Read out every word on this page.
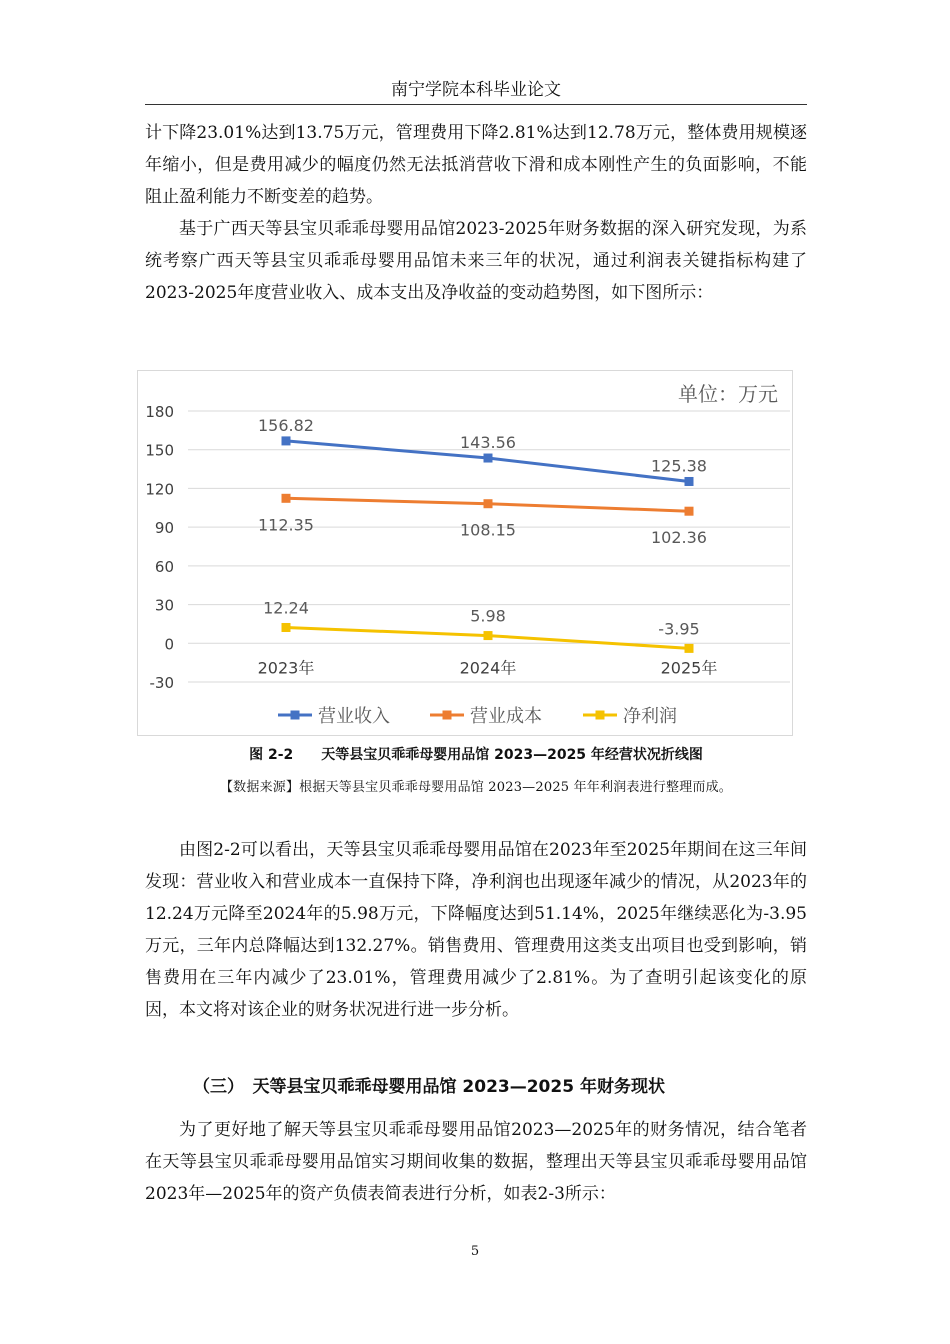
南宁学院本科毕业论文

计下降23.01%达到13.75万元，管理费用下降2.81%达到12.78万元，整体费用规模逐年缩小，但是费用减少的幅度仍然无法抵消营收下滑和成本刚性产生的负面影响，不能阻止盈利能力不断变差的趋势。

基于广西天等县宝贝乖乖母婴用品馆2023-2025年财务数据的深入研究发现，为系统考察广西天等县宝贝乖乖母婴用品馆未来三年的状况，通过利润表关键指标构建了2023-2025年度营业收入、成本支出及净收益的变动趋势图，如下图所示：

180
150
120
90
60
30
0
-30
2023年	2024年	2025年
单位：万元
156.82
143.56
125.38
112.35	108.15	102.36
12.24	5.98
-3.95
营业收入	营业成本	净利润
图 2-2　　天等县宝贝乖乖母婴用品馆 2023—2025 年经营状况折线图
【数据来源】根据天等县宝贝乖乖母婴用品馆 2023—2025 年年利润表进行整理而成。

由图2-2可以看出，天等县宝贝乖乖母婴用品馆在2023年至2025年期间在这三年间发现：营业收入和营业成本一直保持下降，净利润也出现逐年减少的情况，从2023年的12.24万元降至2024年的5.98万元，下降幅度达到51.14%，2025年继续恶化为-3.95万元，三年内总降幅达到132.27%。销售费用、管理费用这类支出项目也受到影响，销售费用在三年内减少了23.01%，管理费用减少了2.81%。为了查明引起该变化的原因，本文将对该企业的财务状况进行进一步分析。

（三）　天等县宝贝乖乖母婴用品馆 2023—2025 年财务现状

为了更好地了解天等县宝贝乖乖母婴用品馆2023—2025年的财务情况，结合笔者在天等县宝贝乖乖母婴用品馆实习期间收集的数据，整理出天等县宝贝乖乖母婴用品馆2023年—2025年的资产负债表简表进行分析，如表2-3所示：

5
